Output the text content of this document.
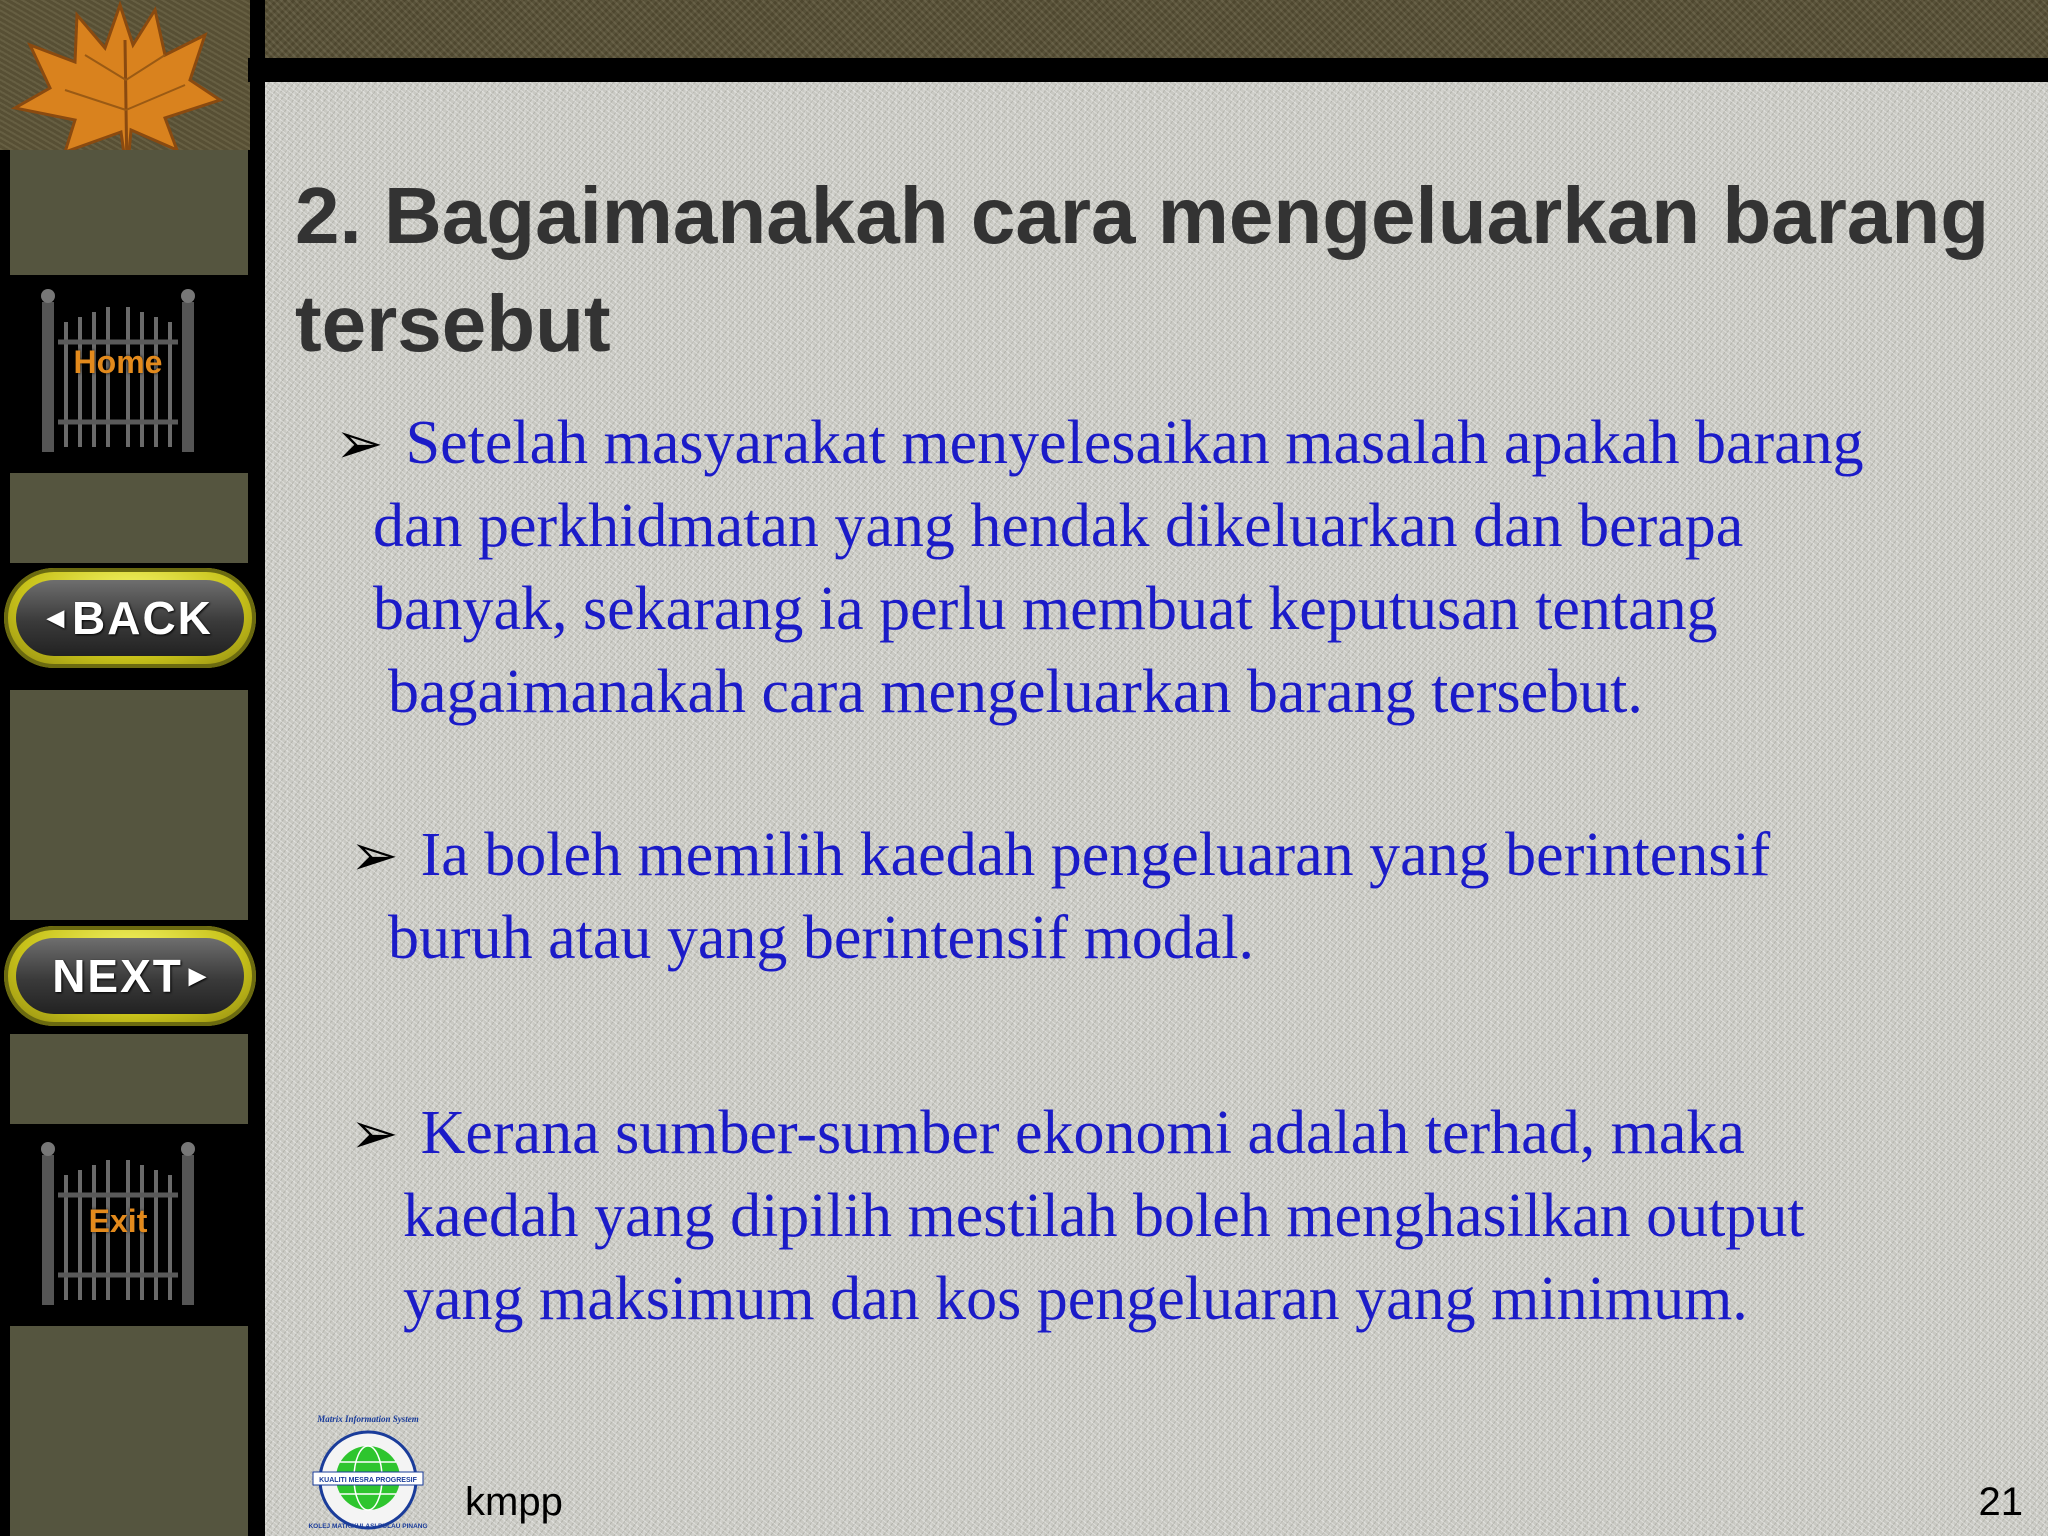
Home
◀ BACK
NEXT ▶
Exit
2. Bagaimanakah cara mengeluarkan barang tersebut

➢ Setelah masyarakat menyelesaikan masalah apakah barang
dan perkhidmatan yang hendak dikeluarkan dan berapa
banyak, sekarang ia perlu membuat keputusan tentang
bagaimanakah cara mengeluarkan barang tersebut.

➢ Ia boleh memilih kaedah pengeluaran yang berintensif
buruh atau yang berintensif modal.

➢ Kerana sumber-sumber ekonomi adalah terhad, maka
kaedah yang dipilih mestilah boleh menghasilkan output
yang maksimum dan kos pengeluaran yang minimum.

Matrix Information System
KUALITI MESRA PROGRESIF
KOLEJ MATRIKULASI PULAU PINANG
kmpp	21
